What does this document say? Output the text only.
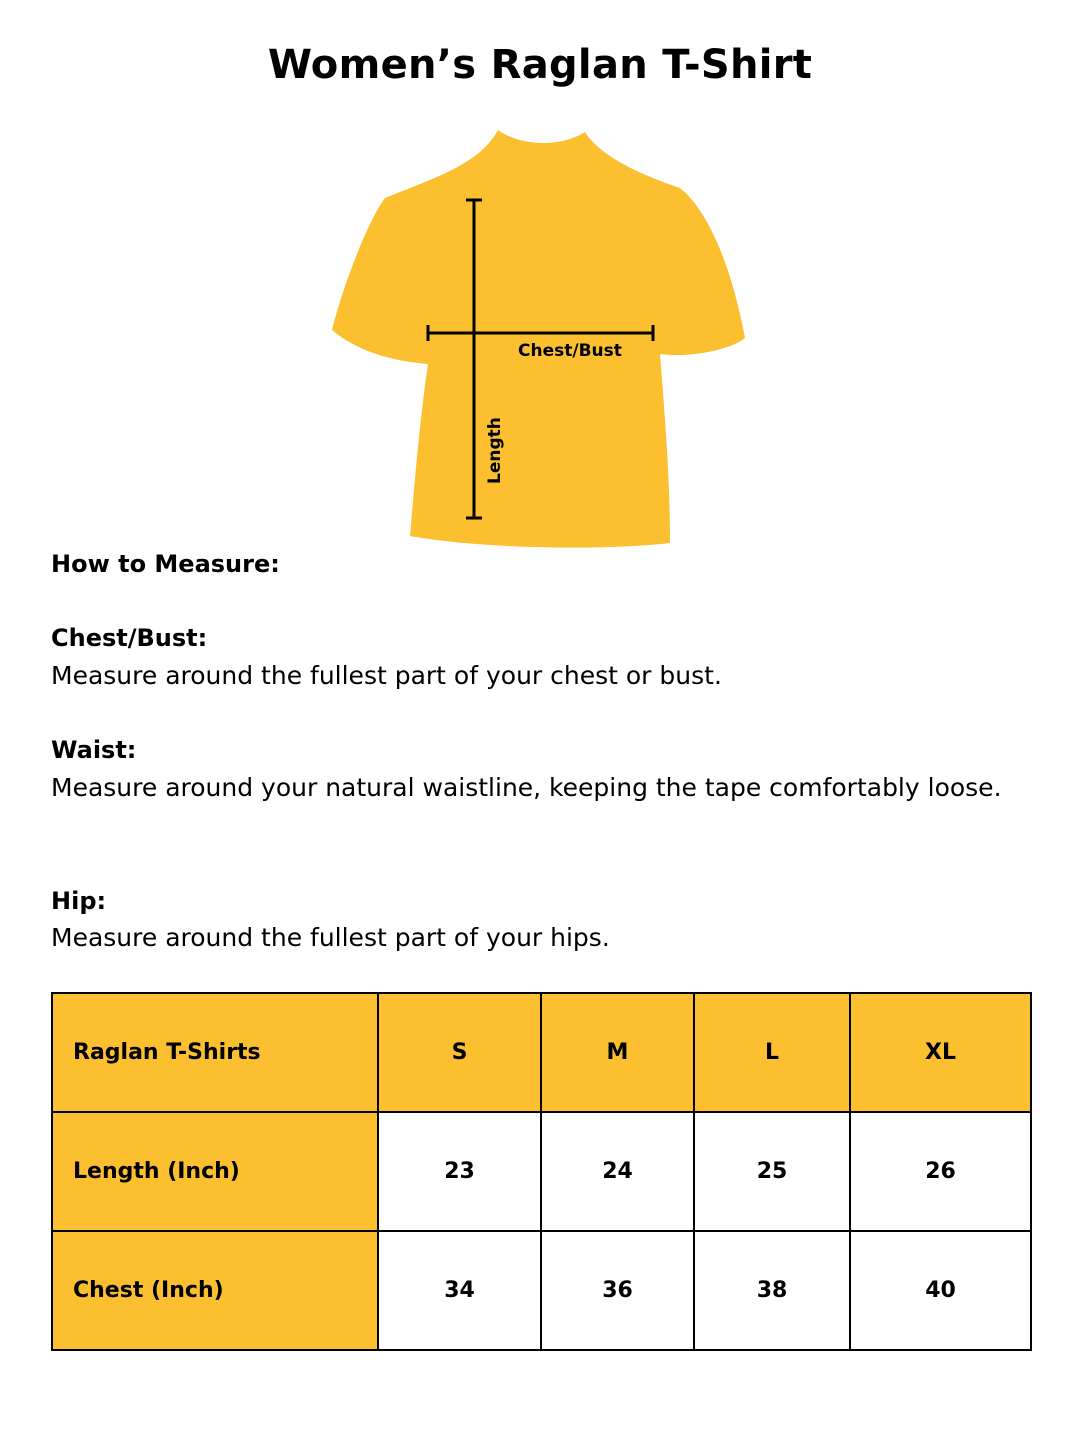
Women’s Raglan T-Shirt
Chest/Bust
Length
How to Measure:
Chest/Bust:

Measure around the fullest part of your chest or bust.

Waist:

Measure around your natural waistline, keeping the tape comfortably loose.

Hip:

Measure around the fullest part of your hips.

Raglan T-Shirts	S	M	L	XL
Length (Inch)	23	24	25	26
Chest (Inch)	34	36	38	40
